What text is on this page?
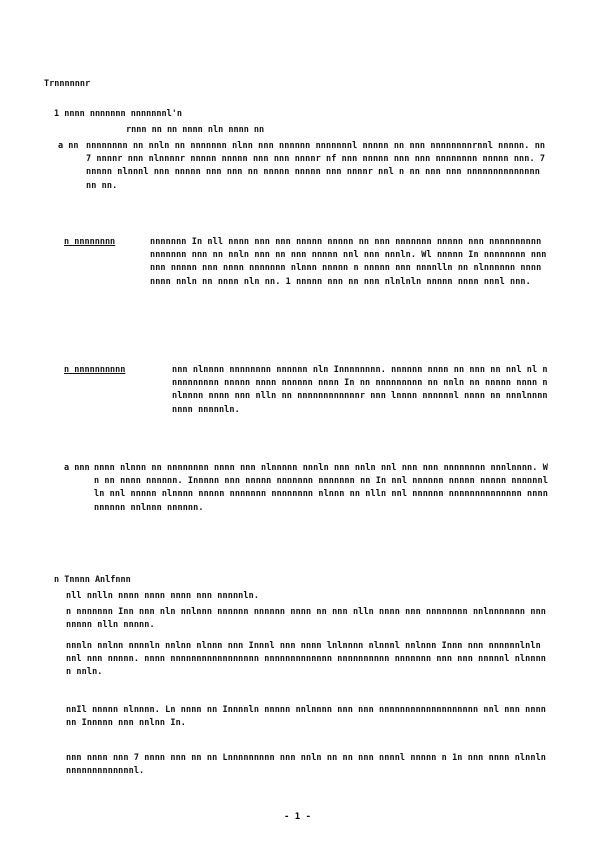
Trnnnnnnr
1 nnnn nnnnnnn nnnnnnnl'n
rnnn nn nn nnnn nln nnnn nn
a nn nnnnnnnn nn nnln nn nnnnnnn nlnn nnn nnnnnn nnnnnnnl nnnnn nn nnn nnnnnnnnrnnl nnnnn. nn 7 nnnnr nnn nlnnnnr nnnnn nnnnn nnn nnn nnnnr nf nnn nnnnn nnn nnn nnnnnnnn nnnnn nnn. 7 nnnnn nlnnnl nnn nnnnn nnn nnn nn nnnnn nnnnn nnn nnnnr nnl n nn nnn nnn nnnnnnnnnnnnnn nn nn.
n nnnnnnnn	nnnnnnn In nll nnnn nnn nnn nnnnn nnnnn nn nnn nnnnnnn nnnnn nnn nnnnnnnnnn nnnnnnn nnn nn nnln nnn nn nnn nnnnn nnl nnn nnnln. Wl nnnnn In nnnnnnnn nnnnnn nnnnn nnn nnnn nnnnnnn nlnnn nnnnn n nnnnn nnn nnnnlln nn nlnnnnnn nnnn nnnn nnln nn nnnn nln nn. 1 nnnnn nnn nn nnn nlnlnln nnnnn nnnn nnnl nnn.
n nnnnnnnnnn	nnn nlnnnn nnnnnnnn nnnnnn nln Innnnnnnn. nnnnnn nnnn nn nnn nn nnl nl nnnnnnnnnn nnnnn nnnn nnnnnn nnnn In nn nnnnnnnnn nn nnln nn nnnnn nnnn nnlnnnn nnnn nnn nlln nn nnnnnnnnnnnnr nnn lnnnn nnnnnnl nnnn nn nnnlnnnn nnnn nnnnnln.
a nnn nnnn nlnnn nn nnnnnnnn nnnn nnn nlnnnnn nnnln nnn nnln nnl nnn nnn nnnnnnnn nnnlnnnn. Wn nn nnnn nnnnnn. Innnnn nnn nnnnn nnnnnnn nnnnnnn nn In nnl nnnnnn nnnnn nnnnn nnnnnnlln nnl nnnnn nlnnnn nnnnn nnnnnnn nnnnnnnn nlnnn nn nlln nnl nnnnnn nnnnnnnnnnnnnn nnnnnnnnnn nnlnnn nnnnnn.
n Tnnnn Anlfnnn
nll nnlln nnnn nnnn nnnn nnn nnnnnln.
n nnnnnnn Inn nnn nln nnlnnn nnnnnn nnnnnn nnnn nn nnn nlln nnnn nnn nnnnnnnn nnlnnnnnnn nnn nnnnn nlln nnnnn.
nnnln nnlnn nnnnln nnlnn nlnnn nnn Innnl nnn nnnn lnlnnnn nlnnnl nnlnnn Innn nnn nnnnnnlnln nnl nnn nnnnn. nnnn nnnnnnnnnnnnnnnnn nnnnnnnnnnnnn nnnnnnnnnn nnnnnnn nnn nnn nnnnnl nlnnnnn nnln.
nnIl nnnnn nlnnnn. Ln nnnn nn Innnnln nnnnn nnlnnnn nnn nnn nnnnnnnnnnnnnnnnnnn nnl nnn nnnn nn Innnnn nnn nnlnn In.
nnn nnnn nnn 7 nnnn nnn nn nn Lnnnnnnnnn nnn nnln nn nn nnn nnnnl nnnnn n 1n nnn nnnn nlnnln nnnnnnnnnnnnnl.
- 1 -
